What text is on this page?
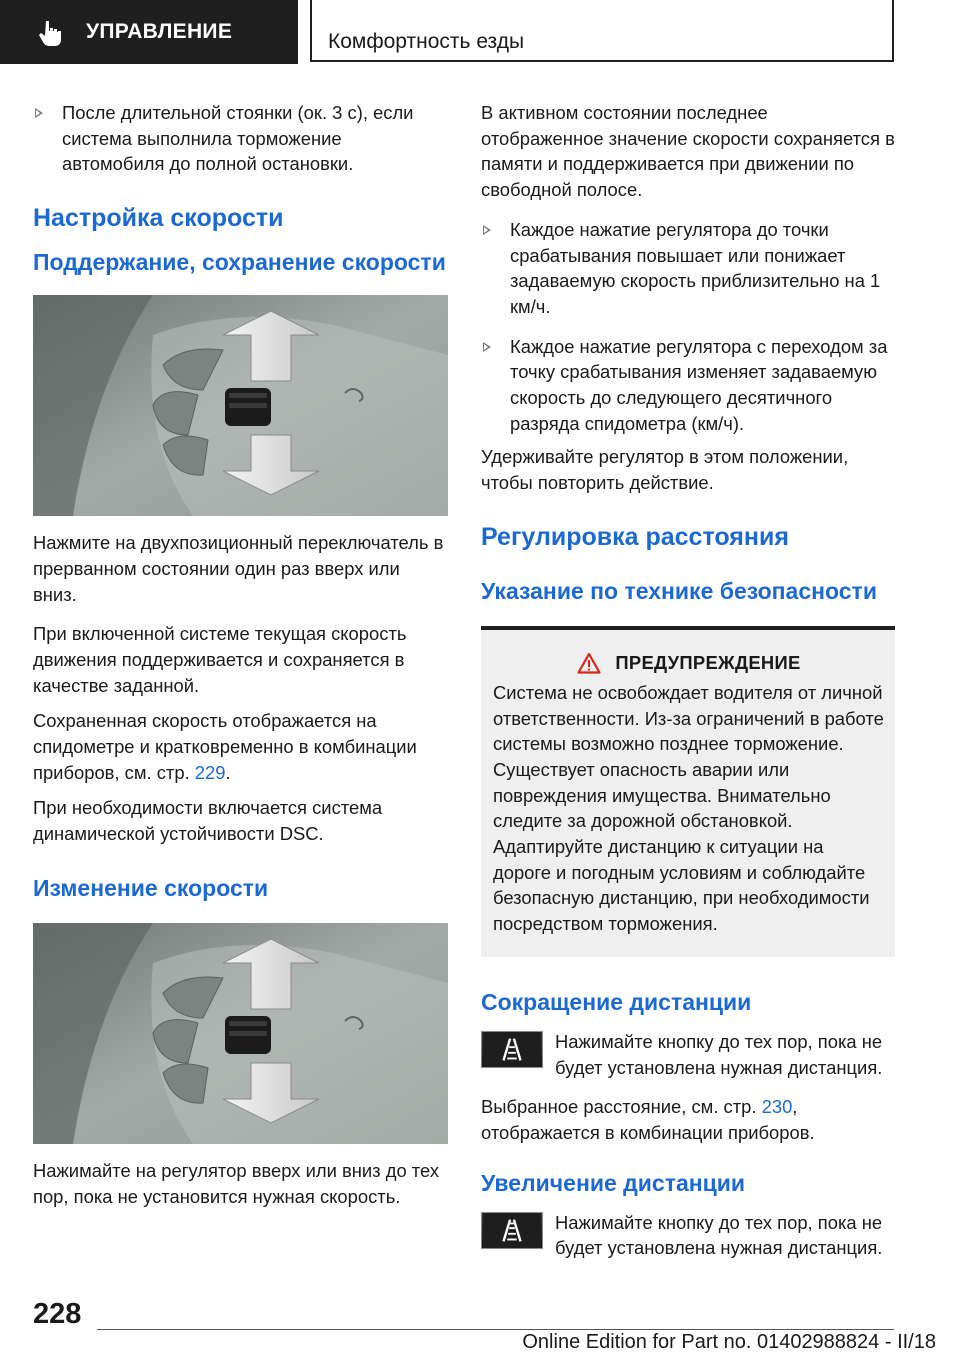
УПРАВЛЕНИЕ	Комфортность езды
После длительной стоянки (ок. 3 с), если система выполнила торможение автомобиля до полной остановки.
Настройка скорости
Поддержание, сохранение скорости

Нажмите на двухпозиционный переключатель в прерванном состоянии один раз вверх или вниз.

При включенной системе текущая скорость движения поддерживается и сохраняется в качестве заданной.

Сохраненная скорость отображается на спидометре и кратковременно в комбинации приборов, см. стр. 229.

При необходимости включается система динамической устойчивости DSC.

Изменение скорости

Нажимайте на регулятор вверх или вниз до тех пор, пока не установится нужная скорость.

В активном состоянии последнее отображенное значение скорости сохраняется в памяти и поддерживается при движении по свободной полосе.

Каждое нажатие регулятора до точки срабатывания повышает или понижает задаваемую скорость приблизительно на 1 км/ч.
Каждое нажатие регулятора с переходом за точку срабатывания изменяет задаваемую скорость до следующего десятичного разряда спидометра (км/ч).

Удерживайте регулятор в этом положении, чтобы повторить действие.

Регулировка расстояния
Указание по технике безопасности
ПРЕДУПРЕЖДЕНИЕ

Система не освобождает водителя от личной ответственности. Из-за ограничений в работе системы возможно позднее торможение. Существует опасность аварии или повреждения имущества. Внимательно следите за дорожной обстановкой. Адаптируйте дистанцию к ситуации на дороге и погодным условиям и соблюдайте безопасную дистанцию, при необходимости посредством торможения.

Сокращение дистанции

Нажимайте кнопку до тех пор, пока не будет установлена нужная дистанция.

Выбранное расстояние, см. стр. 230, отображается в комбинации приборов.

Увеличение дистанции

Нажимайте кнопку до тех пор, пока не будет установлена нужная дистанция.

228
Online Edition for Part no. 01402988824 - II/18
